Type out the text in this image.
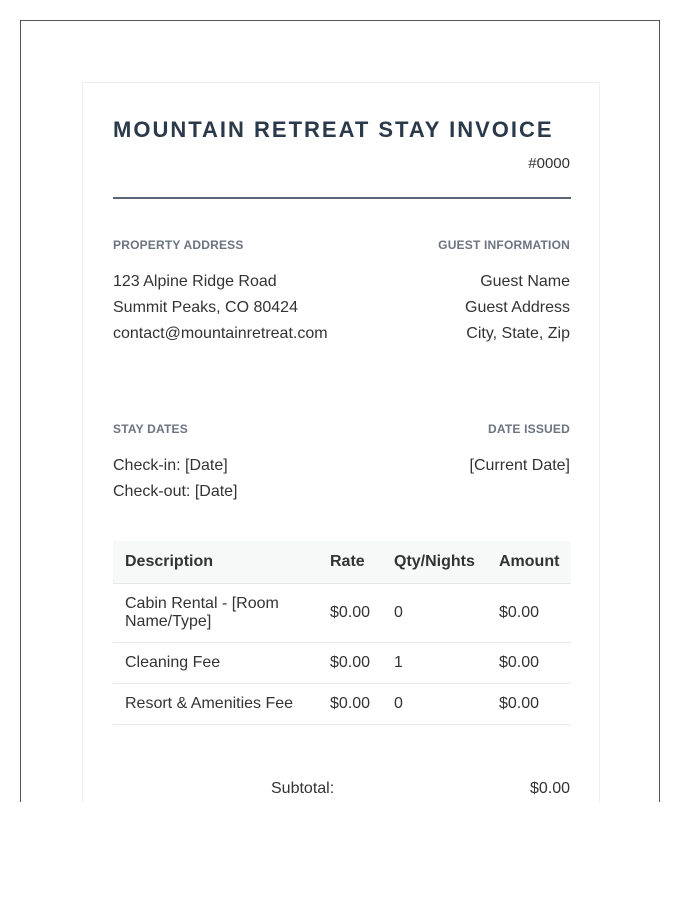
MOUNTAIN RETREAT STAY INVOICE
#0000
PROPERTY ADDRESS	GUEST INFORMATION
123 Alpine Ridge Road
Summit Peaks, CO 80424
contact@mountainretreat.com
Guest Name
Guest Address
City, State, Zip
STAY DATES	DATE ISSUED
Check-in: [Date]
Check-out: [Date]
[Current Date]
Description	Rate	Qty/Nights	Amount
Cabin Rental - [Room Name/Type]	$0.00	0	$0.00
Cleaning Fee	$0.00	1	$0.00
Resort & Amenities Fee	$0.00	0	$0.00
Subtotal:	$0.00
